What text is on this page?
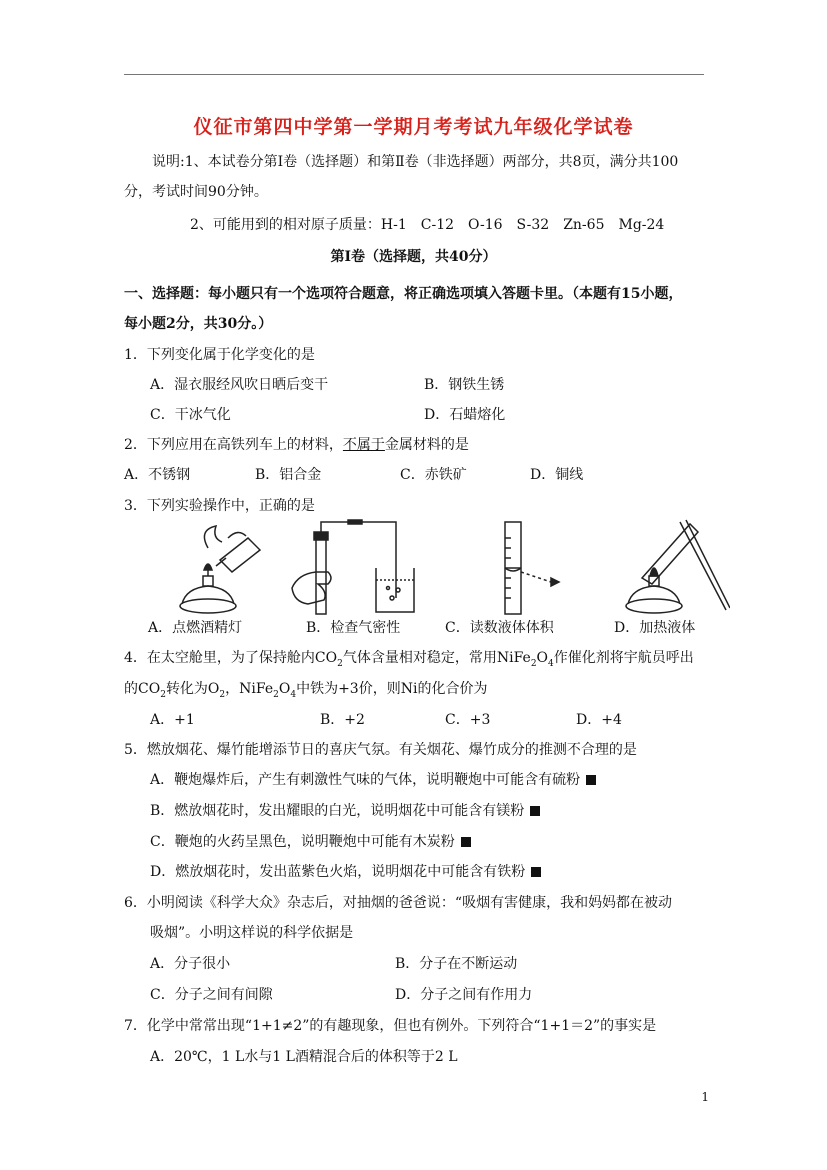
仪征市第四中学第一学期月考考试九年级化学试卷
说明:1、本试卷分第Ⅰ卷（选择题）和第Ⅱ卷（非选择题）两部分，共8页，满分共100
分，考试时间90分钟。
2、可能用到的相对原子质量：H-1　C-12　O-16　S-32　Zn-65　Mg-24
第Ⅰ卷（选择题，共40分）
一、选择题：每小题只有一个选项符合题意，将正确选项填入答题卡里。（本题有15小题，
每小题2分，共30分。）
1．下列变化属于化学变化的是
A．湿衣服经风吹日晒后变干	B．钢铁生锈
C．干冰气化	D．石蜡熔化
2．下列应用在高铁列车上的材料，不属于金属材料的是
A．不锈钢	B．铝合金	C．赤铁矿	D．铜线
3．下列实验操作中，正确的是
A．点燃酒精灯	B．检查气密性	C．读数液体体积	D．加热液体
4．在太空舱里，为了保持舱内$CO_2$气体含量相对稳定，常用$NiFe_2O_4$作催化剂将宇航员呼出
的$CO_2$转化为$O_2$，$NiFe_2O_4$中铁为+3价，则Ni的化合价为
A．+1	B．+2	C．+3	D．+4
5．燃放烟花、爆竹能增添节日的喜庆气氛。有关烟花、爆竹成分的推测不合理的是
A．鞭炮爆炸后，产生有刺激性气味的气体，说明鞭炮中可能含有硫粉
B．燃放烟花时，发出耀眼的白光，说明烟花中可能含有镁粉
C．鞭炮的火药呈黑色，说明鞭炮中可能有木炭粉
D．燃放烟花时，发出蓝紫色火焰，说明烟花中可能含有铁粉
6．小明阅读《科学大众》杂志后，对抽烟的爸爸说：“吸烟有害健康，我和妈妈都在被动
吸烟”。小明这样说的科学依据是
A．分子很小	B．分子在不断运动
C．分子之间有间隙	D．分子之间有作用力
7．化学中常常出现“1+1≠2”的有趣现象，但也有例外。下列符合“1+1＝2”的事实是
A．20℃，1 L水与1 L酒精混合后的体积等于2 L
1
